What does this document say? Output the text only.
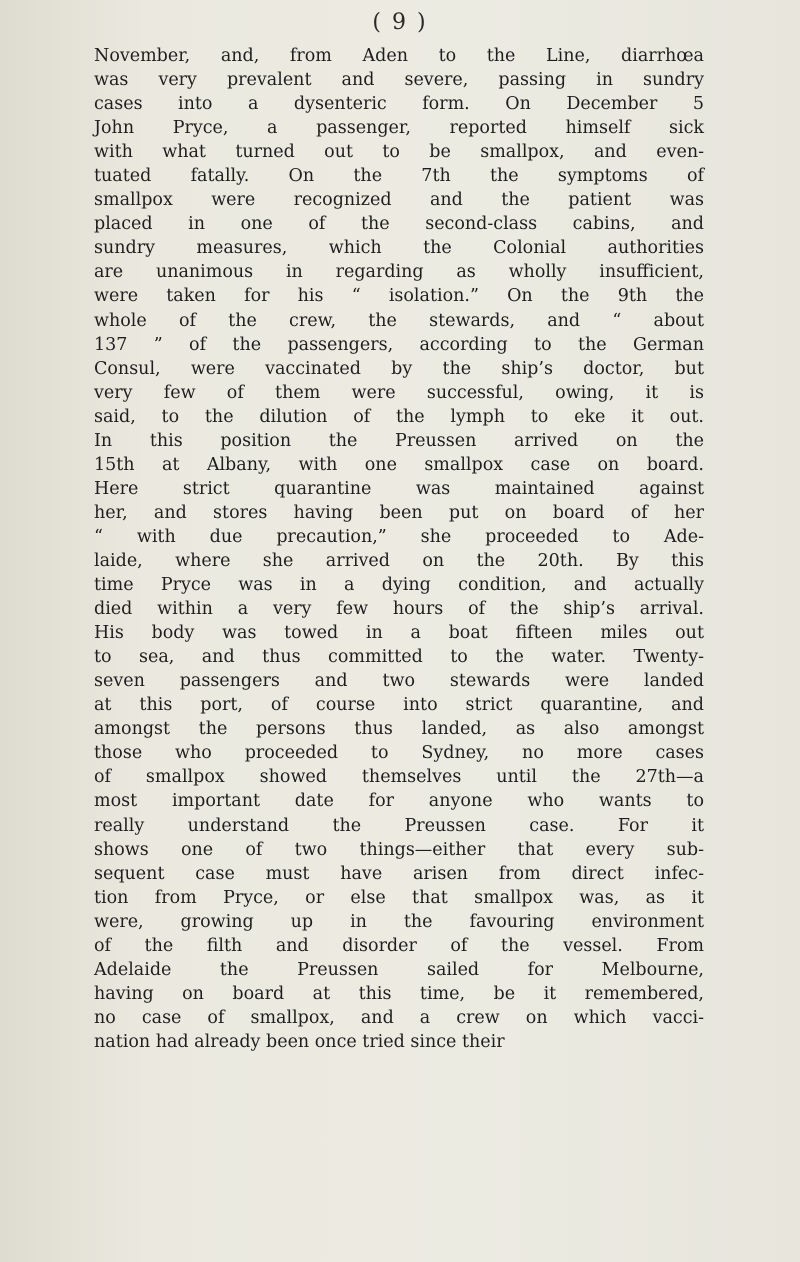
( 9 )
November, and, from Aden to the Line, diarrhœa
was very prevalent and severe, passing in sundry
cases into a dysenteric form. On December 5
John Pryce, a passenger, reported himself sick
with what turned out to be smallpox, and even-
tuated fatally. On the 7th the symptoms of
smallpox were recognized and the patient was
placed in one of the second-class cabins, and
sundry measures, which the Colonial authorities
are unanimous in regarding as wholly insufficient,
were taken for his “ isolation.” On the 9th the
whole of the crew, the stewards, and “ about
137 ” of the passengers, according to the German
Consul, were vaccinated by the ship’s doctor, but
very few of them were successful, owing, it is
said, to the dilution of the lymph to eke it out.
In this position the Preussen arrived on the
15th at Albany, with one smallpox case on board.
Here strict quarantine was maintained against
her, and stores having been put on board of her
“ with due precaution,” she proceeded to Ade-
laide, where she arrived on the 20th. By this
time Pryce was in a dying condition, and actually
died within a very few hours of the ship’s arrival.
His body was towed in a boat fifteen miles out
to sea, and thus committed to the water. Twenty-
seven passengers and two stewards were landed
at this port, of course into strict quarantine, and
amongst the persons thus landed, as also amongst
those who proceeded to Sydney, no more cases
of smallpox showed themselves until the 27th—a
most important date for anyone who wants to
really understand the Preussen case. For it
shows one of two things—either that every sub-
sequent case must have arisen from direct infec-
tion from Pryce, or else that smallpox was, as it
were, growing up in the favouring environment
of the filth and disorder of the vessel. From
Adelaide the Preussen sailed for Melbourne,
having on board at this time, be it remembered,
no case of smallpox, and a crew on which vacci-
nation had already been once tried since their
